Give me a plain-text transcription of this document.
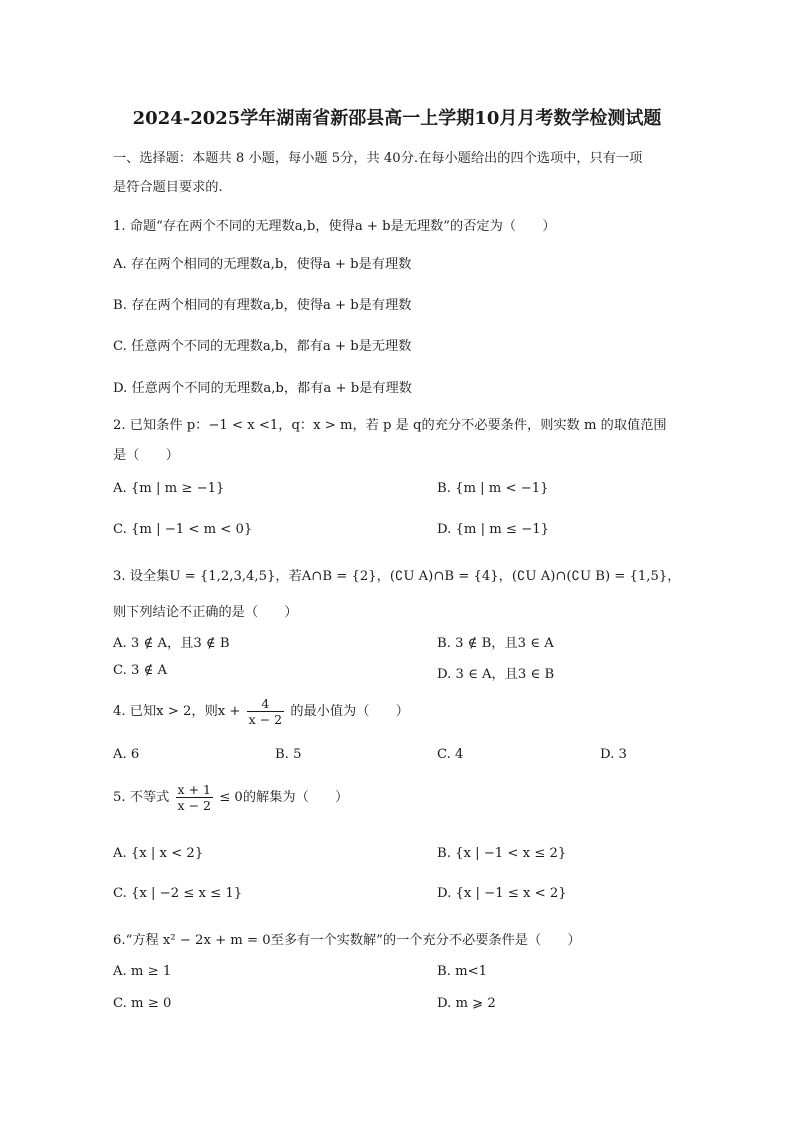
2024-2025学年湖南省新邵县高一上学期10月月考数学检测试题
一、选择题：本题共 8 小题，每小题 5分，共 40分.在每小题给出的四个选项中，只有一项
是符合题目要求的.
1. 命题“存在两个不同的无理数a,b，使得a + b是无理数”的否定为（　　）
A. 存在两个相同的无理数a,b，使得a + b是有理数
B. 存在两个相同的有理数a,b，使得a + b是有理数
C. 任意两个不同的无理数a,b，都有a + b是无理数
D. 任意两个不同的无理数a,b，都有a + b是有理数
2. 已知条件 p：−1 < x <1，q：x > m，若 p 是 q的充分不必要条件，则实数 m 的取值范围
是（　　）
A. {m | m ≥ −1}	B. {m | m < −1}
C. {m | −1 < m < 0}	D. {m | m ≤ −1}
3. 设全集U = {1,2,3,4,5}，若A∩B = {2}，(∁U A)∩B = {4}，(∁U A)∩(∁U B) = {1,5}，
则下列结论不正确的是（　　）
A. 3 ∉ A，且3 ∉ B	B. 3 ∉ B，且3 ∈ A
C. 3 ∉ A	D. 3 ∈ A，且3 ∈ B
4. 已知x > 2，则$x + \frac{4}{x - 2}$ 的最小值为（　　）
A. 6	B. 5	C. 4	D. 3
5. 不等式 $\frac{x + 1}{x - 2} \le 0$的解集为（　　）
A. {x | x < 2}	B. {x | −1 < x ≤ 2}
C. {x | −2 ≤ x ≤ 1}	D. {x | −1 ≤ x < 2}
6.“方程 x² − 2x + m = 0至多有一个实数解”的一个充分不必要条件是（　　）
A. m ≥ 1	B. m<1
C. m ≥ 0	D. m ⩾ 2
